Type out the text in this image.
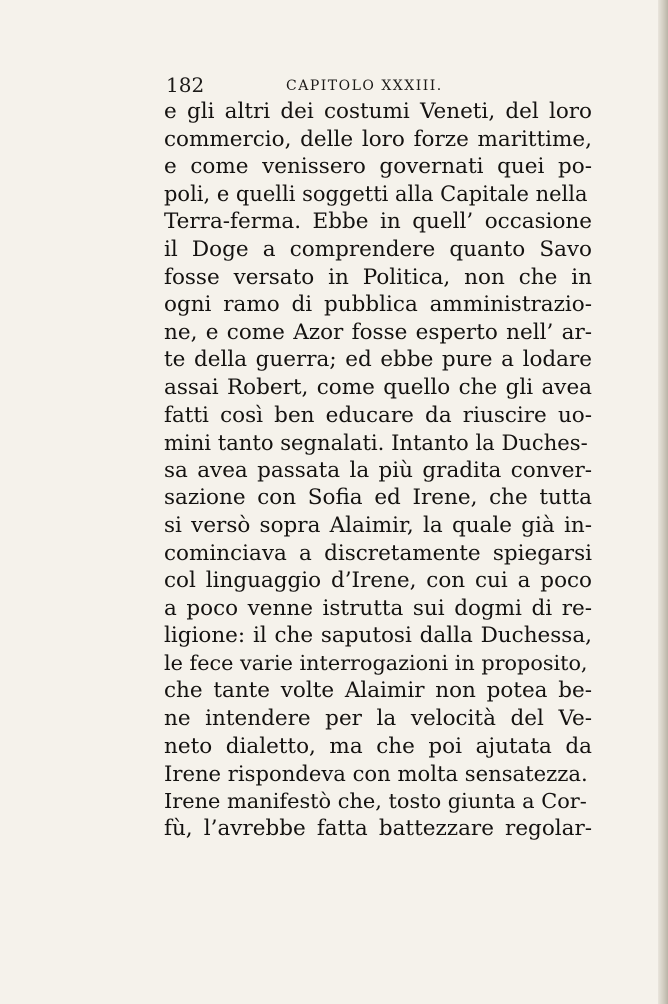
182	CAPITOLO XXXIII.
e gli altri dei costumi Veneti, del loro
commercio, delle loro forze marittime,
e come venissero governati quei po-
poli, e quelli soggetti alla Capitale nella
Terra-ferma. Ebbe in quell’ occasione
il Doge a comprendere quanto Savo
fosse versato in Politica, non che in
ogni ramo di pubblica amministrazio-
ne, e come Azor fosse esperto nell’ ar-
te della guerra; ed ebbe pure a lodare
assai Robert, come quello che gli avea
fatti così ben educare da riuscire uo-
mini tanto segnalati. Intanto la Duches-
sa avea passata la più gradita conver-
sazione con Sofia ed Irene, che tutta
si versò sopra Alaimir, la quale già in-
cominciava a discretamente spiegarsi
col linguaggio d’Irene, con cui a poco
a poco venne istrutta sui dogmi di re-
ligione: il che saputosi dalla Duchessa,
le fece varie interrogazioni in proposito,
che tante volte Alaimir non potea be-
ne intendere per la velocità del Ve-
neto dialetto, ma che poi ajutata da
Irene rispondeva con molta sensatezza.
Irene manifestò che, tosto giunta a Cor-
fù, l’avrebbe fatta battezzare regolar-
